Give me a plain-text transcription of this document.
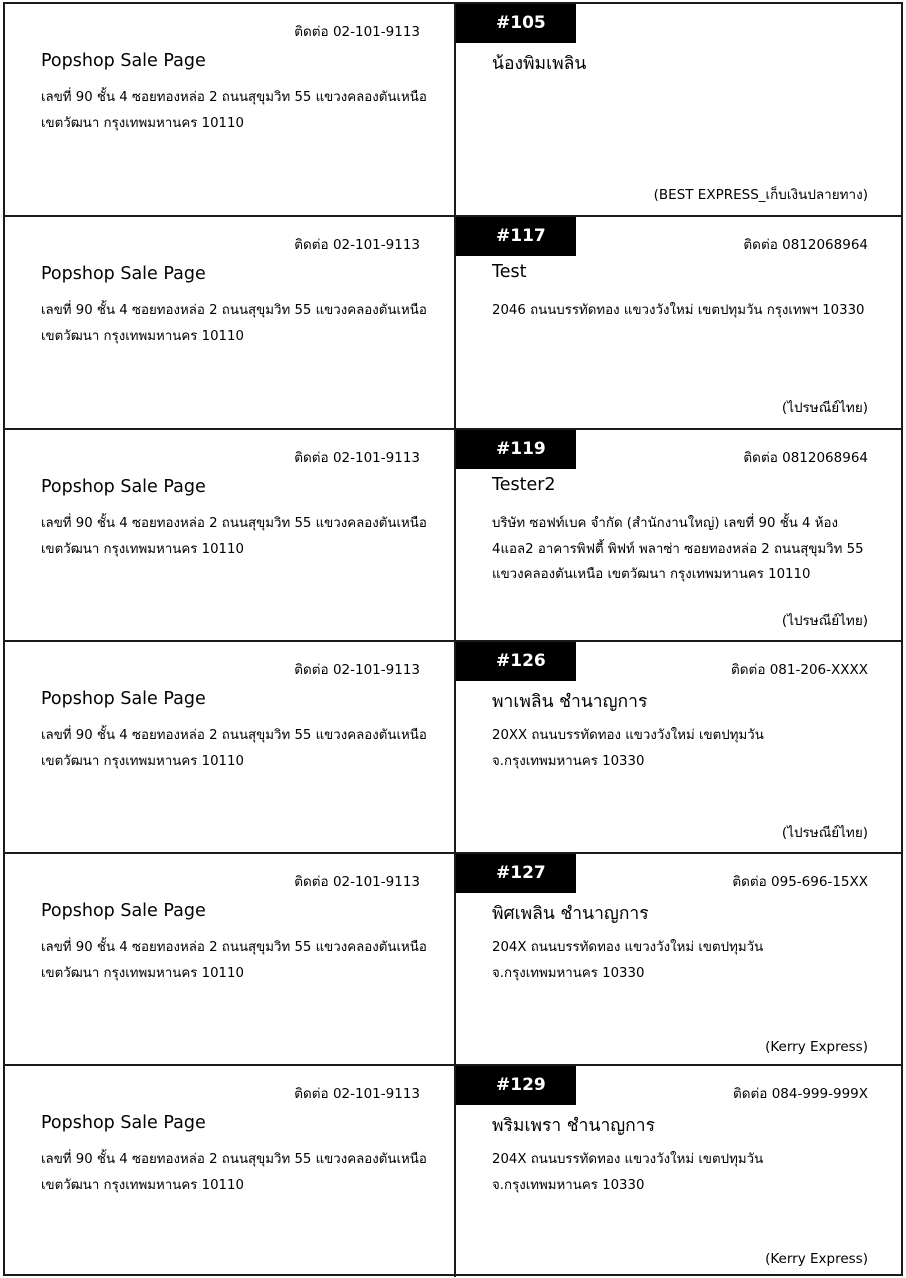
ติดต่อ 02-101-9113
Popshop Sale Page
เลขที่ 90 ชั้น 4 ซอยทองหล่อ 2 ถนนสุขุมวิท 55 แขวงคลองตันเหนือ เขตวัฒนา กรุงเทพมหานคร 10110
#105
น้องพิมเพลิน
(BEST EXPRESS_เก็บเงินปลายทาง)
ติดต่อ 02-101-9113
Popshop Sale Page
เลขที่ 90 ชั้น 4 ซอยทองหล่อ 2 ถนนสุขุมวิท 55 แขวงคลองตันเหนือ เขตวัฒนา กรุงเทพมหานคร 10110
#117	ติดต่อ 0812068964
Test
2046 ถนนบรรทัดทอง แขวงวังใหม่ เขตปทุมวัน กรุงเทพฯ 10330
(ไปรษณีย์ไทย)
ติดต่อ 02-101-9113
Popshop Sale Page
เลขที่ 90 ชั้น 4 ซอยทองหล่อ 2 ถนนสุขุมวิท 55 แขวงคลองตันเหนือ เขตวัฒนา กรุงเทพมหานคร 10110
#119	ติดต่อ 0812068964
Tester2
บริษัท ซอฟท์เบค จำกัด (สำนักงานใหญ่) เลขที่ 90 ชั้น 4 ห้อง 4แอล2 อาคารพิฟตี้ พิฟท์ พลาซ่า ซอยทองหล่อ 2 ถนนสุขุมวิท 55 แขวงคลองตันเหนือ เขตวัฒนา กรุงเทพมหานคร 10110
(ไปรษณีย์ไทย)
ติดต่อ 02-101-9113
Popshop Sale Page
เลขที่ 90 ชั้น 4 ซอยทองหล่อ 2 ถนนสุขุมวิท 55 แขวงคลองตันเหนือ เขตวัฒนา กรุงเทพมหานคร 10110
#126	ติดต่อ 081-206-XXXX
พาเพลิน ชำนาญการ
20XX ถนนบรรทัดทอง แขวงวังใหม่ เขตปทุมวัน จ.กรุงเทพมหานคร 10330
(ไปรษณีย์ไทย)
ติดต่อ 02-101-9113
Popshop Sale Page
เลขที่ 90 ชั้น 4 ซอยทองหล่อ 2 ถนนสุขุมวิท 55 แขวงคลองตันเหนือ เขตวัฒนา กรุงเทพมหานคร 10110
#127	ติดต่อ 095-696-15XX
พิศเพลิน ชำนาญการ
204X ถนนบรรทัดทอง แขวงวังใหม่ เขตปทุมวัน จ.กรุงเทพมหานคร 10330
(Kerry Express)
ติดต่อ 02-101-9113
Popshop Sale Page
เลขที่ 90 ชั้น 4 ซอยทองหล่อ 2 ถนนสุขุมวิท 55 แขวงคลองตันเหนือ เขตวัฒนา กรุงเทพมหานคร 10110
#129	ติดต่อ 084-999-999X
พริมเพรา ชำนาญการ
204X ถนนบรรทัดทอง แขวงวังใหม่ เขตปทุมวัน จ.กรุงเทพมหานคร 10330
(Kerry Express)
